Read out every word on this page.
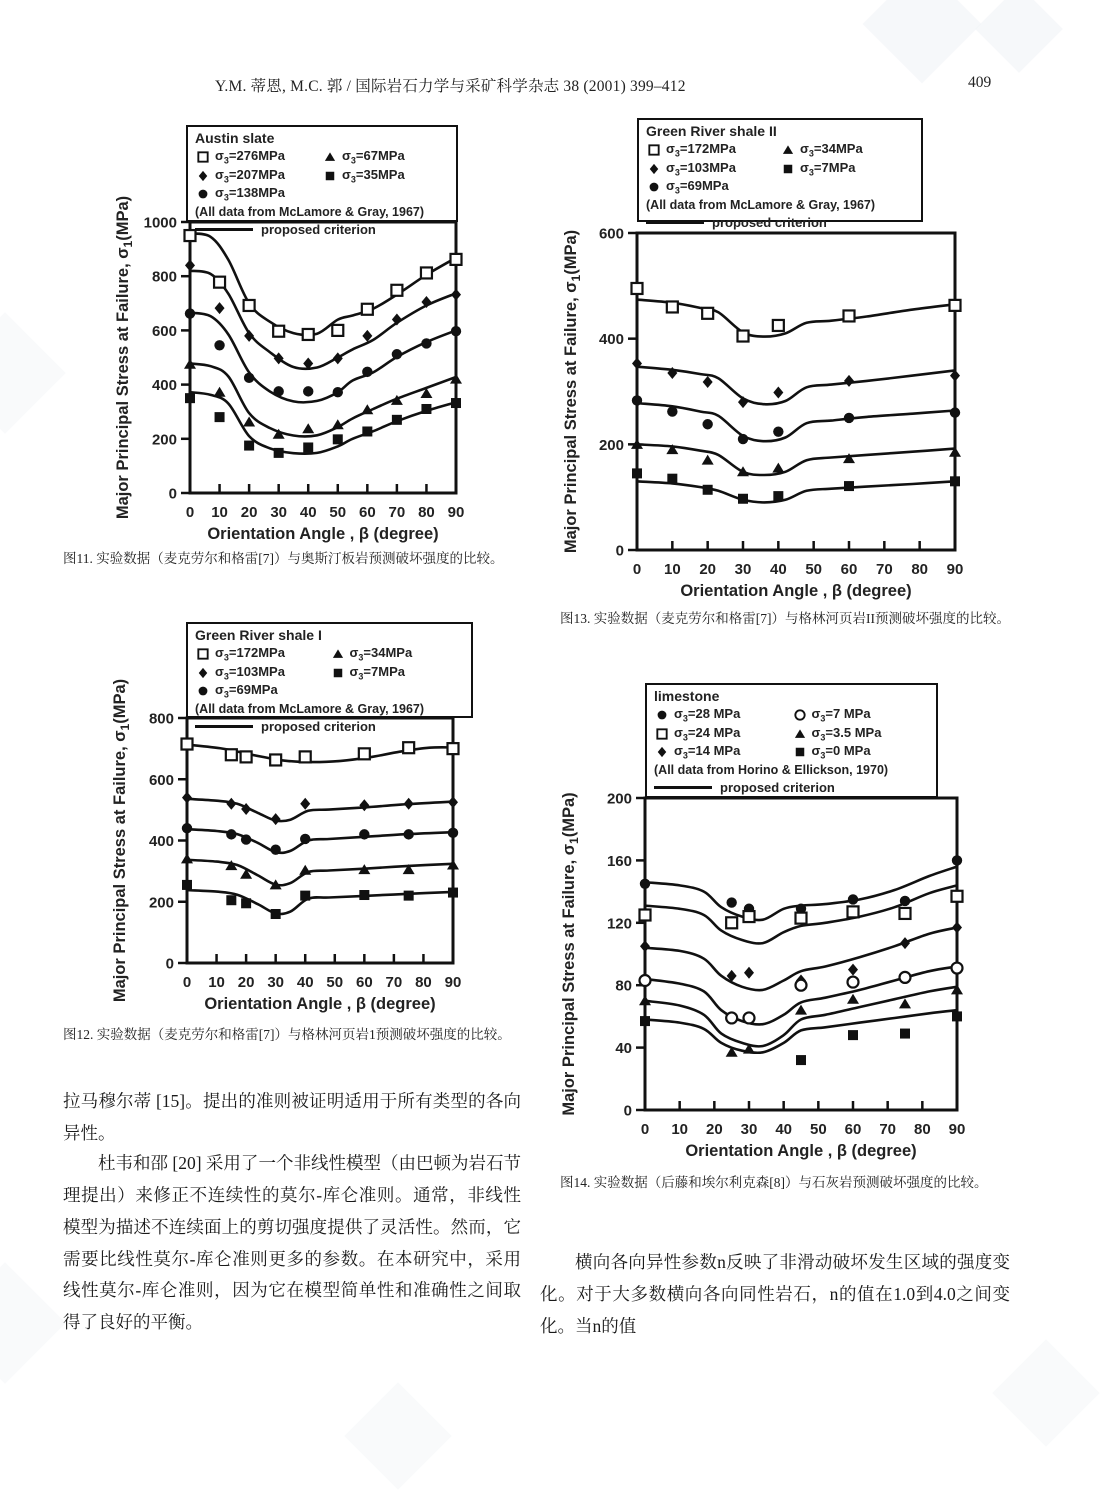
Y.M. 蒂恩, M.C. 郭 / 国际岩石力学与采矿科学杂志 38 (2001) 399–412	409
0 10 20 30 40 50 60 70 80 90
0
200
400
600
800
1000
Orientation Angle , β (degree)
Major Principal Stress at Failure, $\sigma_1(MPa)$
Austin slate
$\sigma_3=276MPa$	$\sigma_3=67MPa$
$\sigma_3=207MPa$	$\sigma_3=35MPa$
$\sigma_3=138MPa$
(All data from McLamore & Gray, 1967)
proposed criterion
0 10 20 30 40 50 60 70 80 90
0
200
400
600
Orientation Angle , β (degree)
Major Principal Stress at Failure, $\sigma_1(MPa)$
Green River shale II
$\sigma_3=172MPa$	$\sigma_3=34MPa$
$\sigma_3=103MPa$	$\sigma_3=7MPa$
$\sigma_3=69MPa$
(All data from McLamore & Gray, 1967)
proposed criterion
0 10 20 30 40 50 60 70 80 90
0
200
400
600
800
Orientation Angle , β (degree)
Major Principal Stress at Failure, $\sigma_1(MPa)$
Green River shale I
$\sigma_3=172MPa$	$\sigma_3=34MPa$
$\sigma_3=103MPa$	$\sigma_3=7MPa$
$\sigma_3=69MPa$
(All data from McLamore & Gray, 1967)
proposed criterion
0 10 20 30 40 50 60 70 80 90
0
40
80
120
160
200
Orientation Angle , β (degree)
Major Principal Stress at Failure, $\sigma_1(MPa)$
limestone
$\sigma_3=28$ MPa	$\sigma_3=7$ MPa
$\sigma_3=24$ MPa	$\sigma_3=3.5$ MPa
$\sigma_3=14$ MPa	$\sigma_3=0$ MPa
(All data from Horino & Ellickson, 1970)
proposed criterion
图11. 实验数据（麦克劳尔和格雷[7]）与奥斯汀板岩预测破坏强度的比较。
图13. 实验数据（麦克劳尔和格雷[7]）与格林河页岩II预测破坏强度的比较。
图12. 实验数据（麦克劳尔和格雷[7]）与格林河页岩1预测破坏强度的比较。
图14. 实验数据（后藤和埃尔利克森[8]）与石灰岩预测破坏强度的比较。
拉马穆尔蒂 [15]。提出的准则被证明适用于所有类型的各向异性。
杜韦和邵 [20] 采用了一个非线性模型（由巴顿为岩石节理提出）来修正不连续性的莫尔-库仑准则。通常，非线性模型为描述不连续面上的剪切强度提供了灵活性。然而，它需要比线性莫尔-库仑准则更多的参数。在本研究中，采用线性莫尔-库仑准则，因为它在模型简单性和准确性之间取得了良好的平衡。
横向各向异性参数n反映了非滑动破坏发生区域的强度变化。对于大多数横向各向同性岩石，n的值在1.0到4.0之间变化。当n的值
